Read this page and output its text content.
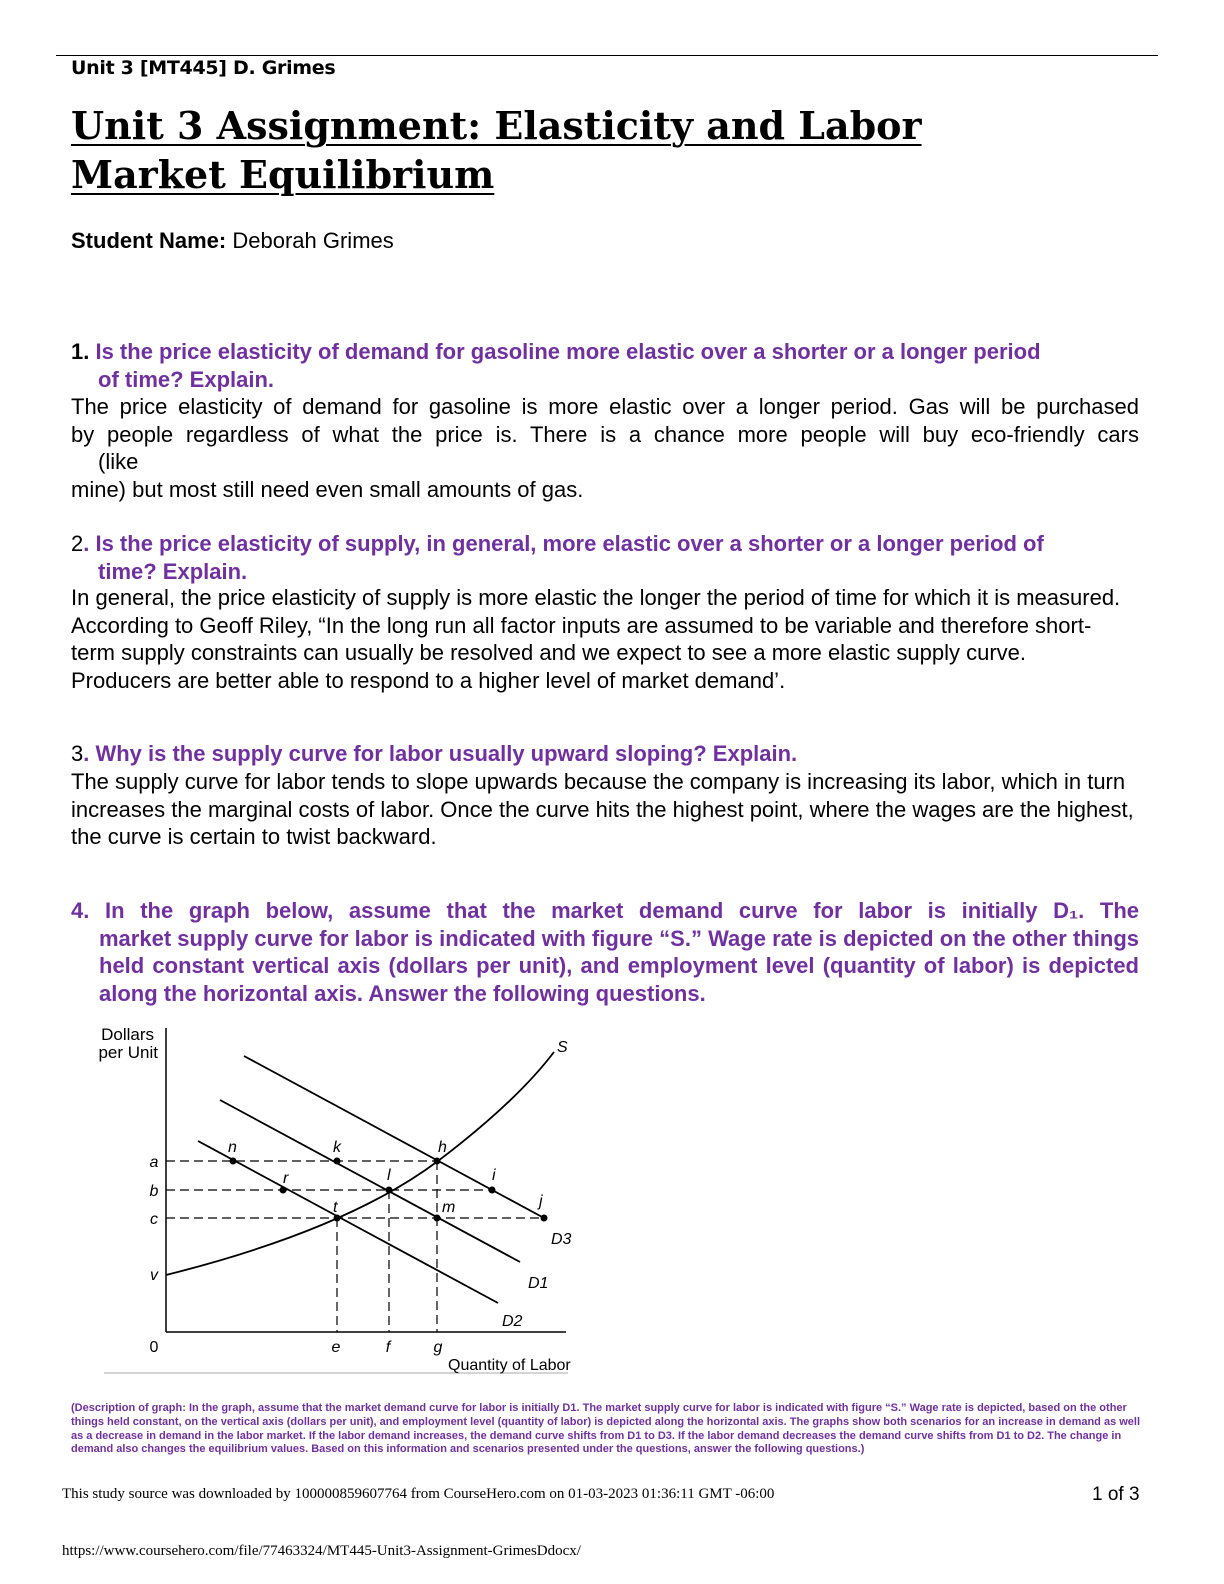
Unit 3 [MT445] D. Grimes
Unit 3 Assignment: Elasticity and Labor Market Equilibrium
Student Name: Deborah Grimes
1. Is the price elasticity of demand for gasoline more elastic over a shorter or a longer period
of time? Explain.
The price elasticity of demand for gasoline is more elastic over a longer period. Gas will be purchased
by people regardless of what the price is. There is a chance more people will buy eco-friendly cars
(like
mine) but most still need even small amounts of gas.
2. Is the price elasticity of supply, in general, more elastic over a shorter or a longer period of
time? Explain.
In general, the price elasticity of supply is more elastic the longer the period of time for which it is measured. According to Geoff Riley, “In the long run all factor inputs are assumed to be variable and therefore short-term supply constraints can usually be resolved and we expect to see a more elastic supply curve. Producers are better able to respond to a higher level of market demand’.
3. Why is the supply curve for labor usually upward sloping? Explain.
The supply curve for labor tends to slope upwards because the company is increasing its labor, which in turn increases the marginal costs of labor. Once the curve hits the highest point, where the wages are the highest, the curve is certain to twist backward.
4. In the graph below, assume that the market demand curve for labor is initially D₁. The
market supply curve for labor is indicated with figure “S.” Wage rate is depicted on the other things held constant vertical axis (dollars per unit), and employment level (quantity of labor) is depicted along the horizontal axis. Answer the following questions.
Dollars
per Unit
Quantity of Labor
n	k	h
r	l	i
t	m	j
S
D3
D1
D2
a
b
c
v
0	e	f	g
(Description of graph: In the graph, assume that the market demand curve for labor is initially D1. The market supply curve for labor is indicated with figure “S.” Wage rate is depicted, based on the other things held constant, on the vertical axis (dollars per unit), and employment level (quantity of labor) is depicted along the horizontal axis. The graphs show both scenarios for an increase in demand as well as a decrease in demand in the labor market. If the labor demand increases, the demand curve shifts from D1 to D3. If the labor demand decreases the demand curve shifts from D1 to D2. The change in demand also changes the equilibrium values. Based on this information and scenarios presented under the questions, answer the following questions.)
This study source was downloaded by 100000859607764 from CourseHero.com on 01-03-2023 01:36:11 GMT -06:00	1 of 3
https://www.coursehero.com/file/77463324/MT445-Unit3-Assignment-GrimesDdocx/
